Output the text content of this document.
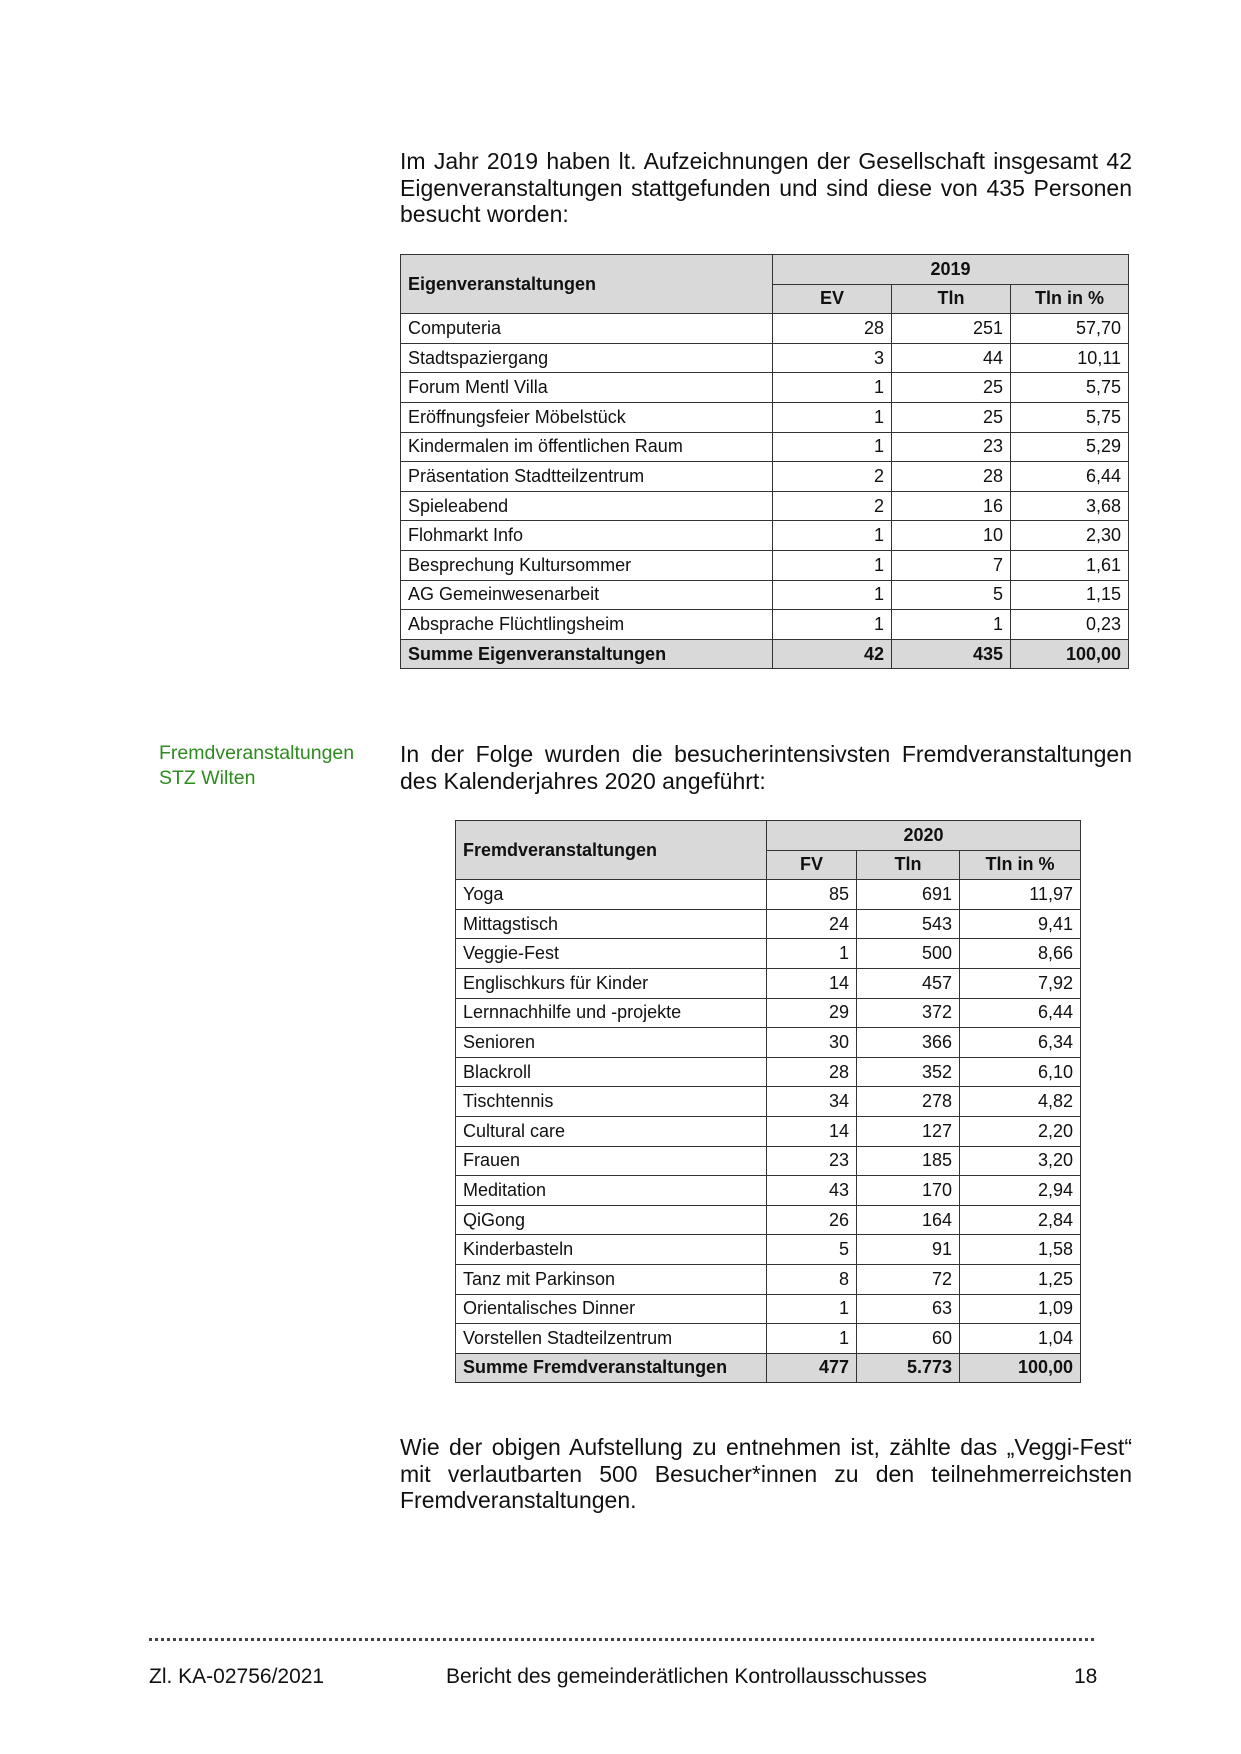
Im Jahr 2019 haben lt. Aufzeichnungen der Gesellschaft insgesamt 42 Eigenveranstaltungen stattgefunden und sind diese von 435 Personen besucht worden:

Eigenveranstaltungen	2019		
	EV	Tln	Tln in %
Computeria	28	251	57,70
Stadtspaziergang	3	44	10,11
Forum Mentl Villa	1	25	5,75
Eröffnungsfeier Möbelstück	1	25	5,75
Kindermalen im öffentlichen Raum	1	23	5,29
Präsentation Stadtteilzentrum	2	28	6,44
Spieleabend	2	16	3,68
Flohmarkt Info	1	10	2,30
Besprechung Kultursommer	1	7	1,61
AG Gemeinwesenarbeit	1	5	1,15
Absprache Flüchtlingsheim	1	1	0,23
Summe Eigenveranstaltungen	42	435	100,00
Fremdveranstaltungen
STZ Wilten

In der Folge wurden die besucherintensivsten Fremdveranstaltungen des Kalenderjahres 2020 angeführt:

Fremdveranstaltungen	2020		
	FV	Tln	Tln in %
Yoga	85	691	11,97
Mittagstisch	24	543	9,41
Veggie-Fest	1	500	8,66
Englischkurs für Kinder	14	457	7,92
Lernnachhilfe und -projekte	29	372	6,44
Senioren	30	366	6,34
Blackroll	28	352	6,10
Tischtennis	34	278	4,82
Cultural care	14	127	2,20
Frauen	23	185	3,20
Meditation	43	170	2,94
QiGong	26	164	2,84
Kinderbasteln	5	91	1,58
Tanz mit Parkinson	8	72	1,25
Orientalisches Dinner	1	63	1,09
Vorstellen Stadteilzentrum	1	60	1,04
Summe Fremdveranstaltungen	477	5.773	100,00

Wie der obigen Aufstellung zu entnehmen ist, zählte das „Veggi-Fest“ mit verlautbarten 500 Besucher*innen zu den teilnehmerreichsten Fremdveranstaltungen.

Zl. KA-02756/2021	Bericht des gemeinderätlichen Kontrollausschusses	18
